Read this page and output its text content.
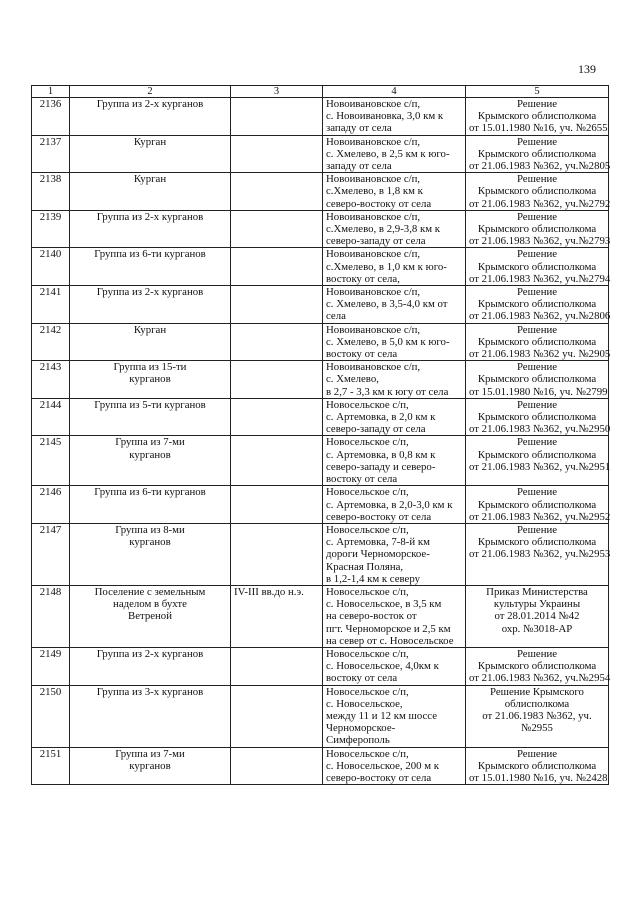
139
1	2	3	4	5
2136	Группа из 2-х курганов		Новоивановское с/п,
с. Новоивановка, 3,0 км к
западу от села	Решение
Крымского облисполкома
от 15.01.1980 №16, уч. №2655

2137	Курган		Новоивановское с/п,
с. Хмелево, в 2,5 км к юго-
западу от села	Решение
Крымского облисполкома
от 21.06.1983 №362, уч.№2805

2138	Курган		Новоивановское с/п,
с.Хмелево, в 1,8 км к
северо-востоку от села	Решение
Крымского облисполкома
от 21.06.1983 №362, уч.№2792

2139	Группа из 2-х курганов		Новоивановское с/п,
с.Хмелево, в 2,9-3,8 км к
северо-западу от села	Решение
Крымского облисполкома
от 21.06.1983 №362, уч.№2793

2140	Группа из 6-ти курганов		Новоивановское с/п,
с.Хмелево, в 1,0 км к юго-
востоку от села,	Решение
Крымского облисполкома
от 21.06.1983 №362, уч.№2794

2141	Группа из 2-х курганов		Новоивановское с/п,
с. Хмелево, в 3,5-4,0 км от
села	Решение
Крымского облисполкома
от 21.06.1983 №362, уч.№2806

2142	Курган		Новоивановское с/п,
с. Хмелево, в 5,0 км к юго-
востоку от села	Решение
Крымского облисполкома
от 21.06.1983 №362 уч. №2905

2143	Группа из 15-ти
курганов		Новоивановское с/п,
с. Хмелево,
в 2,7 - 3,3 км к югу от села	Решение
Крымского облисполкома
от 15.01.1980 №16, уч. №2799

2144	Группа из 5-ти курганов		Новосельское с/п,
с. Артемовка, в 2,0 км к
северо-западу от села	Решение
Крымского облисполкома
от 21.06.1983 №362, уч.№2950

2145	Группа из 7-ми
курганов		Новосельское с/п,
с. Артемовка, в 0,8 км к
северо-западу и северо-
востоку от села	Решение
Крымского облисполкома
от 21.06.1983 №362, уч.№2951

2146	Группа из 6-ти курганов		Новосельское с/п,
с. Артемовка, в 2,0-3,0 км к
северо-востоку от села	Решение
Крымского облисполкома
от 21.06.1983 №362, уч.№2952

2147	Группа из 8-ми
курганов		Новосельское с/п,
с. Артемовка, 7-8-й км
дороги Черноморское-
Красная Поляна,
в 1,2-1,4 км к северу	Решение
Крымского облисполкома
от 21.06.1983 №362, уч.№2953

2148	Поселение с земельным
наделом в бухте
Ветреной	IV-III вв.до н.э.	Новосельское с/п,
с. Новосельское, в 3,5 км
на северо-восток от
пгт. Черноморское и 2,5 км
на север от с. Новосельское	Приказ Министерства
культуры Украины
от 28.01.2014 №42
охр. №3018-АР

2149	Группа из 2-х курганов		Новосельское с/п,
с. Новосельское, 4,0км к
востоку от села	Решение
Крымского облисполкома
от 21.06.1983 №362, уч.№2954

2150	Группа из 3-х курганов		Новосельское с/п,
с. Новосельское,
между 11 и 12 км шоссе
Черноморское-
Симферополь	Решение Крымского
облисполкома
от 21.06.1983 №362, уч.
№2955

2151	Группа из 7-ми
курганов		Новосельское с/п,
с. Новосельское, 200 м к
северо-востоку от села	Решение
Крымского облисполкома
от 15.01.1980 №16, уч. №2428
